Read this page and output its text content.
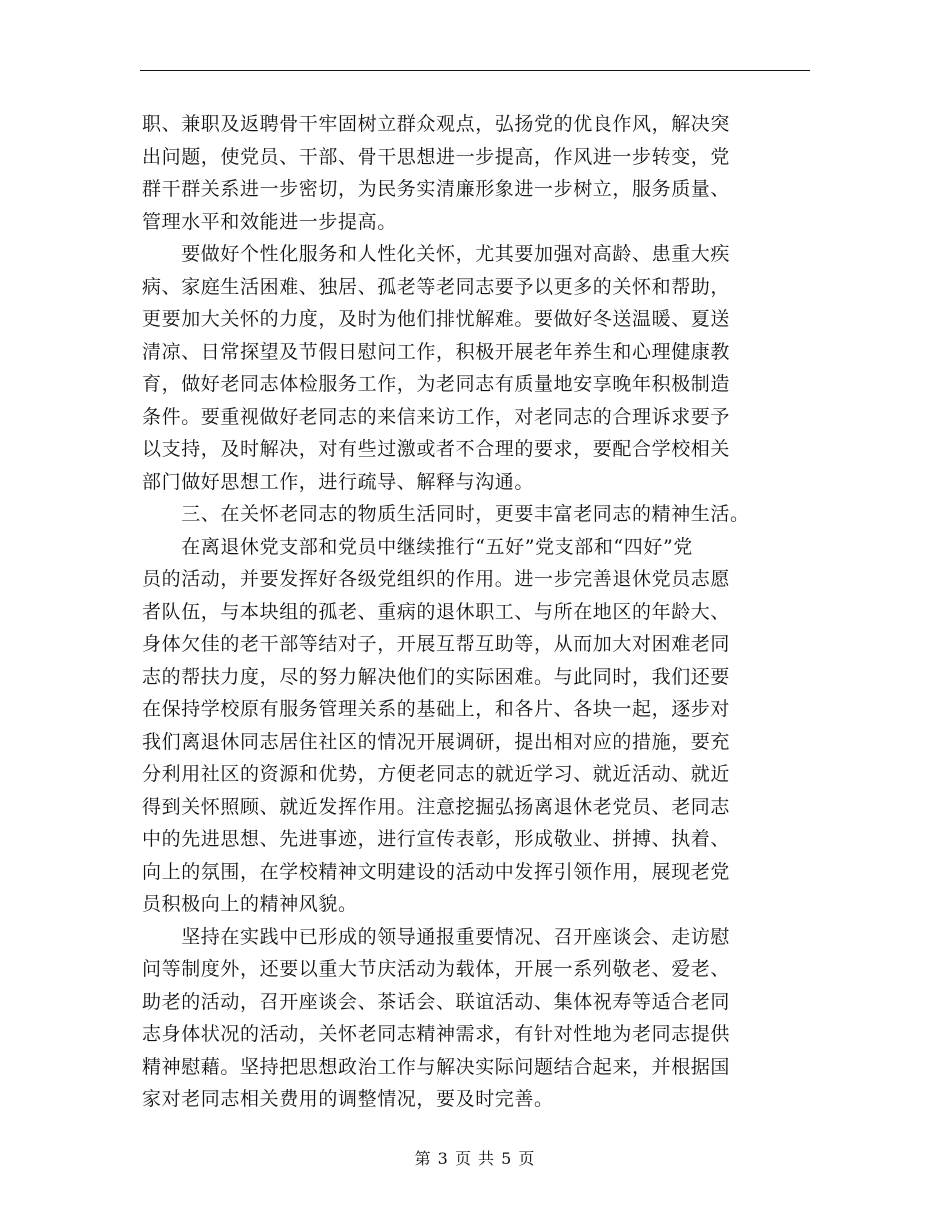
职、兼职及返聘骨干牢固树立群众观点，弘扬党的优良作风，解决突
出问题，使党员、干部、骨干思想进一步提高，作风进一步转变，党
群干群关系进一步密切，为民务实清廉形象进一步树立，服务质量、
管理水平和效能进一步提高。
　　要做好个性化服务和人性化关怀，尤其要加强对高龄、患重大疾
病、家庭生活困难、独居、孤老等老同志要予以更多的关怀和帮助，
更要加大关怀的力度，及时为他们排忧解难。要做好冬送温暖、夏送
清凉、日常探望及节假日慰问工作，积极开展老年养生和心理健康教
育，做好老同志体检服务工作，为老同志有质量地安享晚年积极制造
条件。要重视做好老同志的来信来访工作，对老同志的合理诉求要予
以支持，及时解决，对有些过激或者不合理的要求，要配合学校相关
部门做好思想工作，进行疏导、解释与沟通。
　　三、在关怀老同志的物质生活同时，更要丰富老同志的精神生活。
　　在离退休党支部和党员中继续推行“五好”党支部和“四好”党
员的活动，并要发挥好各级党组织的作用。进一步完善退休党员志愿
者队伍，与本块组的孤老、重病的退休职工、与所在地区的年龄大、
身体欠佳的老干部等结对子，开展互帮互助等，从而加大对困难老同
志的帮扶力度，尽的努力解决他们的实际困难。与此同时，我们还要
在保持学校原有服务管理关系的基础上，和各片、各块一起，逐步对
我们离退休同志居住社区的情况开展调研，提出相对应的措施，要充
分利用社区的资源和优势，方便老同志的就近学习、就近活动、就近
得到关怀照顾、就近发挥作用。注意挖掘弘扬离退休老党员、老同志
中的先进思想、先进事迹，进行宣传表彰，形成敬业、拼搏、执着、
向上的氛围，在学校精神文明建设的活动中发挥引领作用，展现老党
员积极向上的精神风貌。
　　坚持在实践中已形成的领导通报重要情况、召开座谈会、走访慰
问等制度外，还要以重大节庆活动为载体，开展一系列敬老、爱老、
助老的活动，召开座谈会、茶话会、联谊活动、集体祝寿等适合老同
志身体状况的活动，关怀老同志精神需求，有针对性地为老同志提供
精神慰藉。坚持把思想政治工作与解决实际问题结合起来，并根据国
家对老同志相关费用的调整情况，要及时完善。
第 3 页 共 5 页
